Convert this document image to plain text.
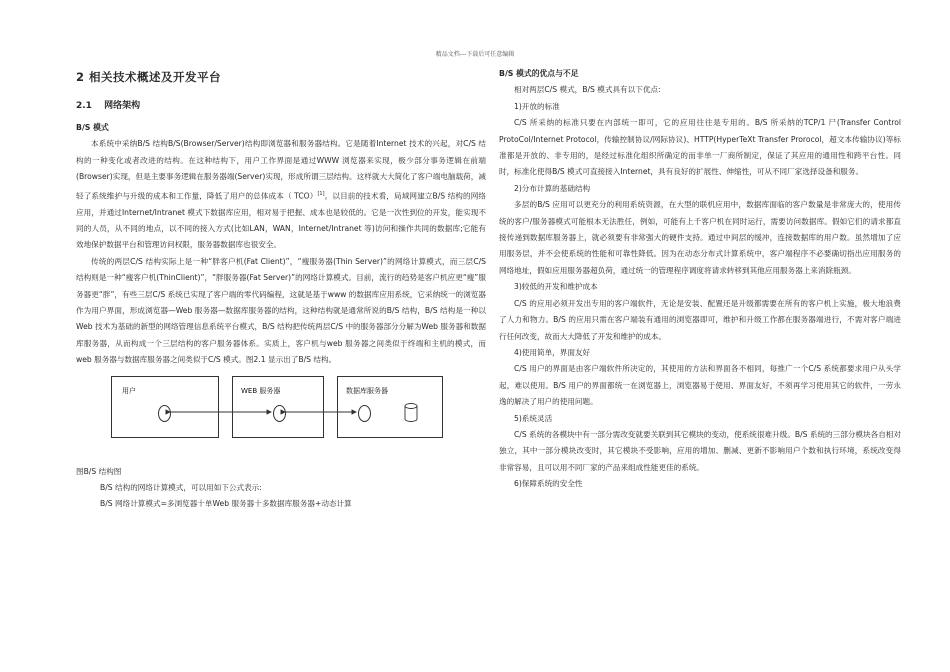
精品文档---下载后可任意编辑
2 相关技术概述及开发平台
2.1　 网络架构
B/S 模式

本系统中采纳B/S 结构B/S(Browser/Server)结构即浏览器和服务器结构。它是随着Internet 技术的兴起，对C/S 结构的一种变化或者改进的结构。在这种结构下，用户工作界面是通过WWW 浏览器来实现，极少部分事务逻辑在前端(Browser)实现，但是主要事务逻辑在服务器端(Server)实现，形成所谓三层结构。这样就大大简化了客户端电脑载荷，减轻了系统维护与升级的成本和工作量，降低了用户的总体成本（ TCO）[1]。以目前的技术看，局域网建立B/S 结构的网络应用，并通过Internet/Intranet 模式下数据库应用，相对易于把握、成本也是较低的。它是一次性到位的开发，能实现不同的人员，从不同的地点，以不同的接入方式(比如LAN，WAN，Internet/Intranet 等)访问和操作共同的数据库;它能有效地保护数据平台和管理访问权限，服务器数据库也很安全。

传统的两层C/S 结构实际上是一种“胖客户机(Fat Client)”，“瘦服务器(Thin Server)”的网络计算模式，而三层C/S 结构则是一种“瘦客户机(ThinClient)”，“胖服务器(Fat Server)”的网络计算模式。目前，流行的趋势是客户机应更“瘦”服务器更“胖”，有些三层C/S 系统已实现了客户端的零代码编程，这就是基于www 的数据库应用系统，它采纳统一的浏览器作为用户界面，形成浏览器—Web 服务器—数据库服务器的结构，这种结构就是通常所说的B/S 结构，B/S 结构是一种以Web 技术为基础的新型的网络管理信息系统平台模式，B/S 结构把传统两层C/S 中的服务器部分分解为Web 服务器和数据库服务器，从而构成一个三层结构的客户服务器体系。实质上，客户机与web 服务器之间类似于终端和主机的模式，而web 服务器与数据库服务器之间类似于C/S 模式。图2.1 显示出了B/S 结构。

用户	WEB 服务器	数据库服务器

图B/S 结构图

B/S 结构的网络计算模式，可以用如下公式表示:

B/S 网络计算模式=多浏览器十单Web 服务器十多数据库服务器+动态计算

B/S 模式的优点与不足

相对两层C/S 模式，B/S 模式具有以下优点:

1)开放的标准

C/S 所采纳的标准只要在内部统一即可，它的应用往往是专用的。B/S 所采纳的TCP/1 尸(Transfer Control ProtoCol/Internet Protocol，传输控制协议/网际协议)、HTTP(HyperTeXt Transfer Prorocol，超文本传输协议)等标准都是开放的、非专用的，是经过标准化组织所确定的而非单一厂商所制定，保证了其应用的通用性和跨平台性。同时，标准化使得B/S 模式可直接接入Internet，具有良好的扩展性、伸缩性，可从不同厂家选择设备和服务。

2)分布计算的基础结构

多层的B/S 应用可以更充分的利用系统资源，在大型的联机应用中，数据库面临的客户数量是非常庞大的，使用传统的客户/服务器模式可能根本无法胜任，例如，可能有上千客户机在同时运行，需要访问数据库。假如它们的请求都直接传递到数据库服务器上，就必须要有非常强大的硬件支持。通过中间层的缓冲，连接数据库的用户数。虽然增加了应用服务层，并不会使系统的性能和可靠性降低。因为在动态分布式计算系统中，客户端程序不必要确切指出应用服务的网络地址，假如应用服务器超负荷，通过统一的管理程序调度将请求转移到其他应用服务器上来消除瓶颈。

3)较低的开发和维护成本

C/S 的应用必须开发出专用的客户端软件，无论是安装、配置还是升级都需要在所有的客户机上实施，极大地浪费了人力和物力。B/S 的应用只需在客户端装有通用的浏览器即可，维护和升级工作都在服务器端进行，不需对客户端进行任何改变，故而大大降低了开发和维护的成本。

4)使用简单，界面友好

C/S 用户的界面是由客户端软件所决定的，其使用的方法和界面各不相同，每推广一个C/S 系统都要求用户从头学起，难以使用。B/S 用户的界面都统一在浏览器上，浏览器易于使用、界面友好，不须再学习使用其它的软件，一劳永逸的解决了用户的使用问题。

5)系统灵活

C/S 系统的各模块中有一部分需改变就要关联到其它模块的变动，使系统很难升级。B/S 系统的三部分模块各自相对独立，其中一部分模块改变时，其它模块不受影响，应用的增加、删减、更新不影响用户个数和执行环境，系统改变得非常容易，且可以用不同厂家的产品来组成性能更佳的系统。

6)保障系统的安全性
